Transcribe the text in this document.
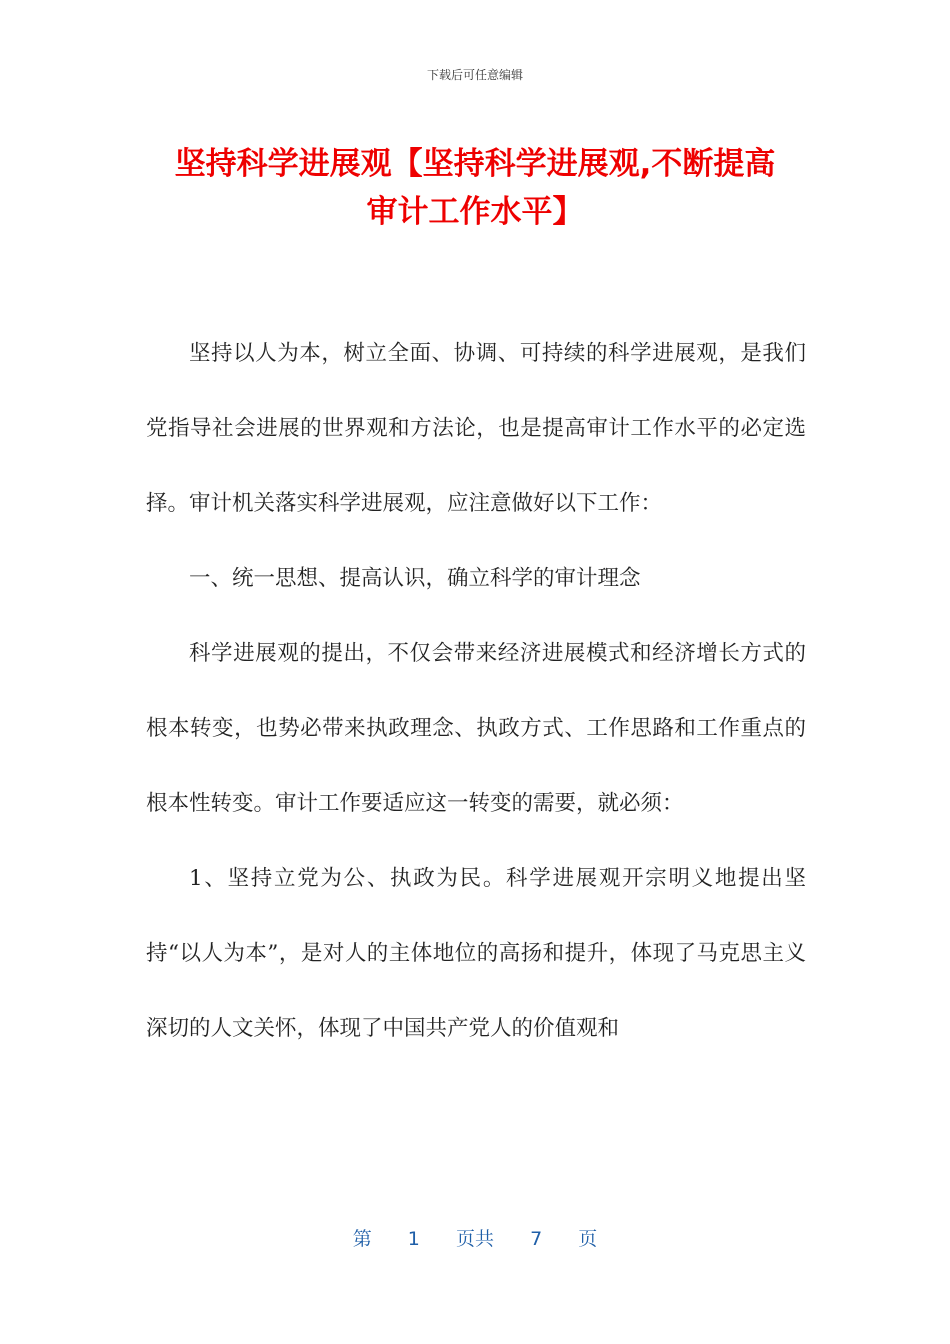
下载后可任意编辑
坚持科学进展观【坚持科学进展观,不断提高
审计工作水平】

坚持以人为本，树立全面、协调、可持续的科学进展观，是我们党指导社会进展的世界观和方法论，也是提高审计工作水平的必定选择。审计机关落实科学进展观，应注意做好以下工作：

一、统一思想、提高认识，确立科学的审计理念

科学进展观的提出，不仅会带来经济进展模式和经济增长方式的根本转变，也势必带来执政理念、执政方式、工作思路和工作重点的根本性转变。审计工作要适应这一转变的需要，就必须：

1、坚持立党为公、执政为民。科学进展观开宗明义地提出坚持“以人为本”，是对人的主体地位的高扬和提升，体现了马克思主义深切的人文关怀，体现了中国共产党人的价值观和

第 1 页共 7 页
